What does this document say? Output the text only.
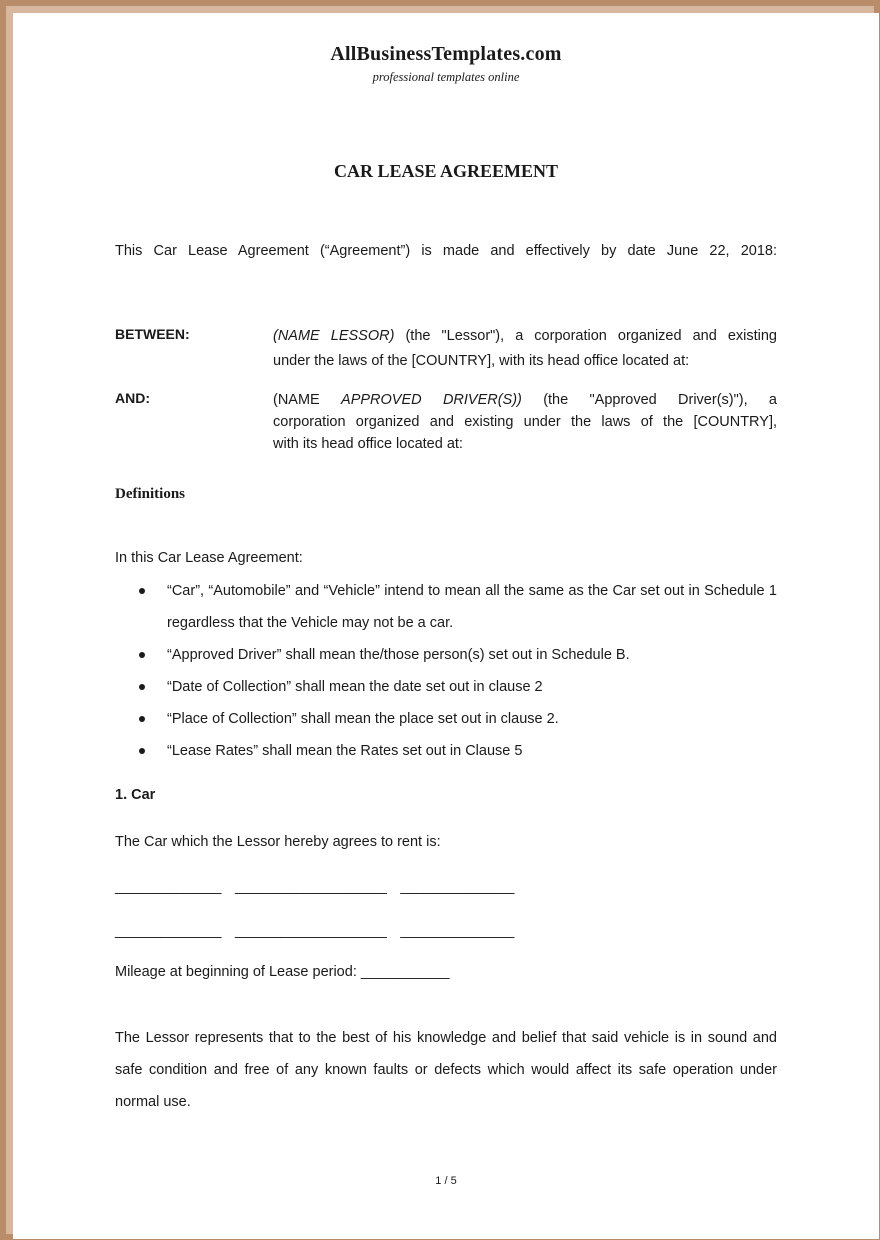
AllBusinessTemplates.com
professional templates online
CAR LEASE AGREEMENT
This Car Lease Agreement (“Agreement”) is made and effectively by date June 22, 2018:
BETWEEN:	(NAME LESSOR) (the "Lessor"), a corporation organized and existing
under the laws of the [COUNTRY], with its head office located at:
AND:	(NAME APPROVED DRIVER(S)) (the "Approved Driver(s)"), a
corporation organized and existing under the laws of the [COUNTRY],
with its head office located at:
Definitions
In this Car Lease Agreement:
“Car”, “Automobile” and “Vehicle” intend to mean all the same as the Car set out in Schedule 1 regardless that the Vehicle may not be a car.
“Approved Driver” shall mean the/those person(s) set out in Schedule B.
“Date of Collection” shall mean the date set out in clause 2
“Place of Collection” shall mean the place set out in clause 2.
“Lease Rates” shall mean the Rates set out in Clause 5
1. Car
The Car which the Lessor hereby agrees to rent is:
______________    ____________________    _______________
______________    ____________________    _______________
Mileage at beginning of Lease period: ___________
The Lessor represents that to the best of his knowledge and belief that said vehicle is in sound and safe condition and free of any known faults or defects which would affect its safe operation under normal use.
1 / 5
